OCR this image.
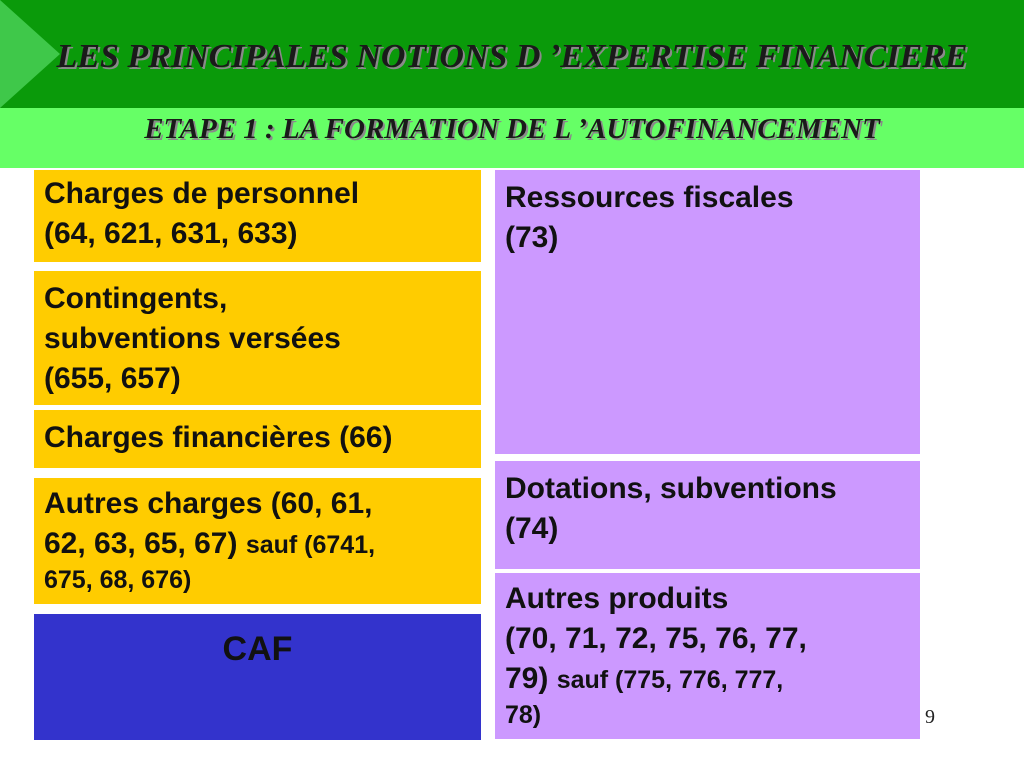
LES PRINCIPALES NOTIONS D ’EXPERTISE FINANCIERE
ETAPE 1 : LA FORMATION DE L ’AUTOFINANCEMENT
Charges de personnel
(64, 621, 631, 633)
Contingents,
subventions versées
(655, 657)
Charges financières (66)
Autres charges (60, 61,
62, 63, 65, 67) sauf (6741,
675, 68, 676)
CAF
Ressources fiscales
(73)
Dotations, subventions
(74)
Autres produits
(70, 71, 72, 75, 76, 77,
79) sauf (775, 776, 777,
78)	9
